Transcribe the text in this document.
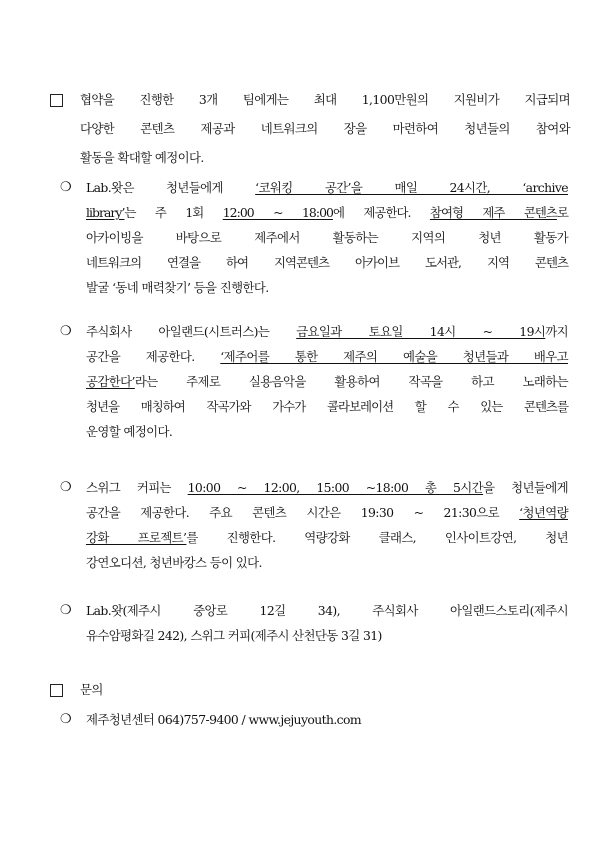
협약을 진행한 3개 팀에게는 최대 1,100만원의 지원비가 지급되며
다양한 콘텐츠 제공과 네트워크의 장을 마련하여 청년들의 참여와
활동을 확대할 예정이다.
❍ Lab.왓은 청년들에게 ‘코워킹 공간’을 매일 24시간, ‘archive
library’는 주 1회 12:00 ~ 18:00에 제공한다. 참여형 제주 콘텐츠로
아카이빙을 바탕으로 제주에서 활동하는 지역의 청년 활동가
네트워크의 연결을 하여 지역콘텐츠 아카이브 도서관, 지역 콘텐츠
발굴 ‘동네 매력찾기’ 등을 진행한다.
❍ 주식회사 아일랜드(시트러스)는 금요일과 토요일 14시 ~ 19시까지
공간을 제공한다. ‘제주어를 통한 제주의 예술을 청년들과 배우고
공감한다’라는 주제로 실용음악을 활용하여 작곡을 하고 노래하는
청년을 매칭하여 작곡가와 가수가 콜라보레이션 할 수 있는 콘텐츠를
운영할 예정이다.
❍ 스위그 커피는 10:00 ~ 12:00, 15:00 ~18:00 총 5시간을 청년들에게
공간을 제공한다. 주요 콘텐츠 시간은 19:30 ~ 21:30으로 ‘청년역량
강화 프로젝트’를 진행한다. 역량강화 클래스, 인사이트강연, 청년
강연오디션, 청년바캉스 등이 있다.
❍ Lab.왓(제주시 중앙로 12길 34), 주식회사 아일랜드스토리(제주시
유수암평화길 242), 스위그 커피(제주시 산천단동 3길 31)
문의
❍ 제주청년센터 064)757-9400 / www.jejuyouth.com
